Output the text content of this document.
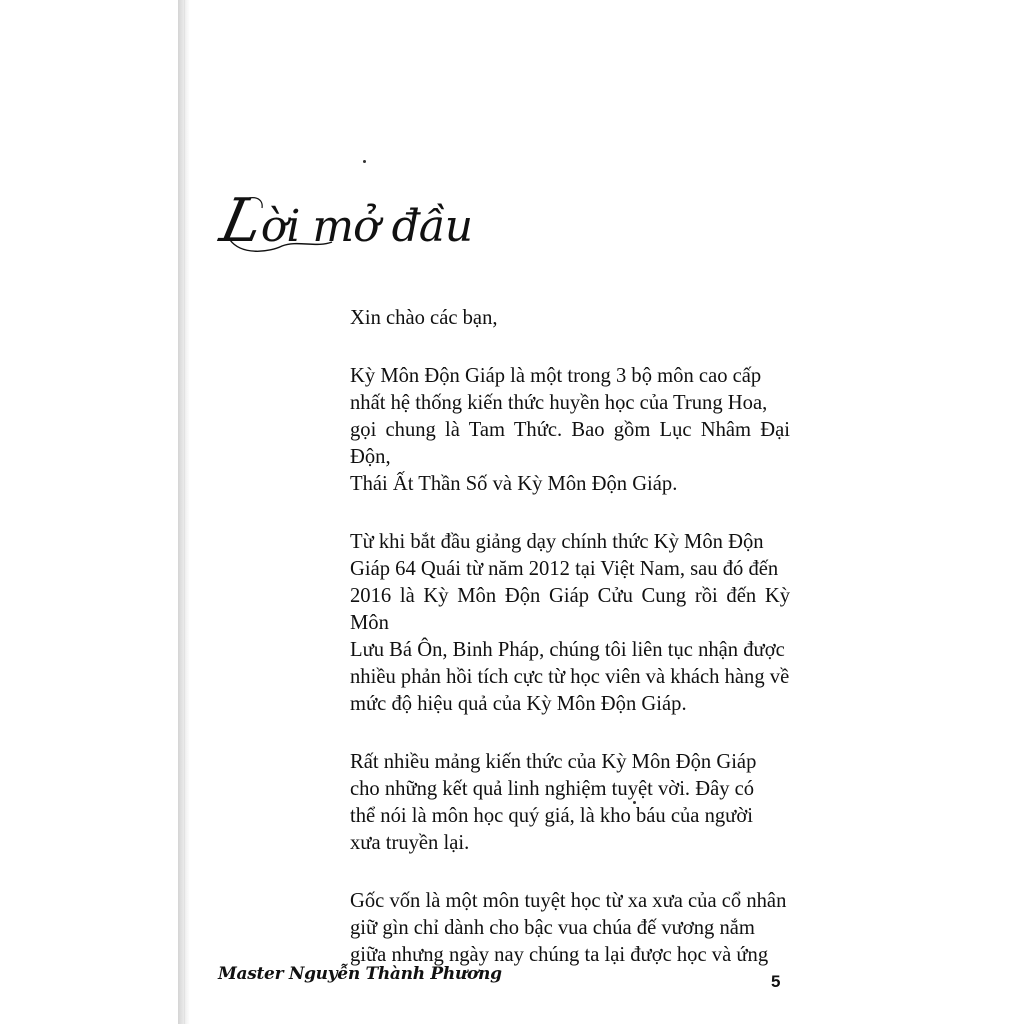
Lời mở đầu

Xin chào các bạn,

Kỳ Môn Độn Giáp là một trong 3 bộ môn cao cấp
nhất hệ thống kiến thức huyền học của Trung Hoa,
gọi chung là Tam Thức. Bao gồm Lục Nhâm Đại Độn,
Thái Ất Thần Số và Kỳ Môn Độn Giáp.

Từ khi bắt đầu giảng dạy chính thức Kỳ Môn Độn
Giáp 64 Quái từ năm 2012 tại Việt Nam, sau đó đến
2016 là Kỳ Môn Độn Giáp Cửu Cung rồi đến Kỳ Môn
Lưu Bá Ôn, Binh Pháp, chúng tôi liên tục nhận được
nhiều phản hồi tích cực từ học viên và khách hàng về
mức độ hiệu quả của Kỳ Môn Độn Giáp.

Rất nhiều mảng kiến thức của Kỳ Môn Độn Giáp
cho những kết quả linh nghiệm tuyệt vời. Đây có
thể nói là môn học quý giá, là kho báu của người
xưa truyền lại.

Gốc vốn là một môn tuyệt học từ xa xưa của cổ nhân
giữ gìn chỉ dành cho bậc vua chúa đế vương nắm
giữa nhưng ngày nay chúng ta lại được học và ứng

Master Nguyễn Thành Phương	5
